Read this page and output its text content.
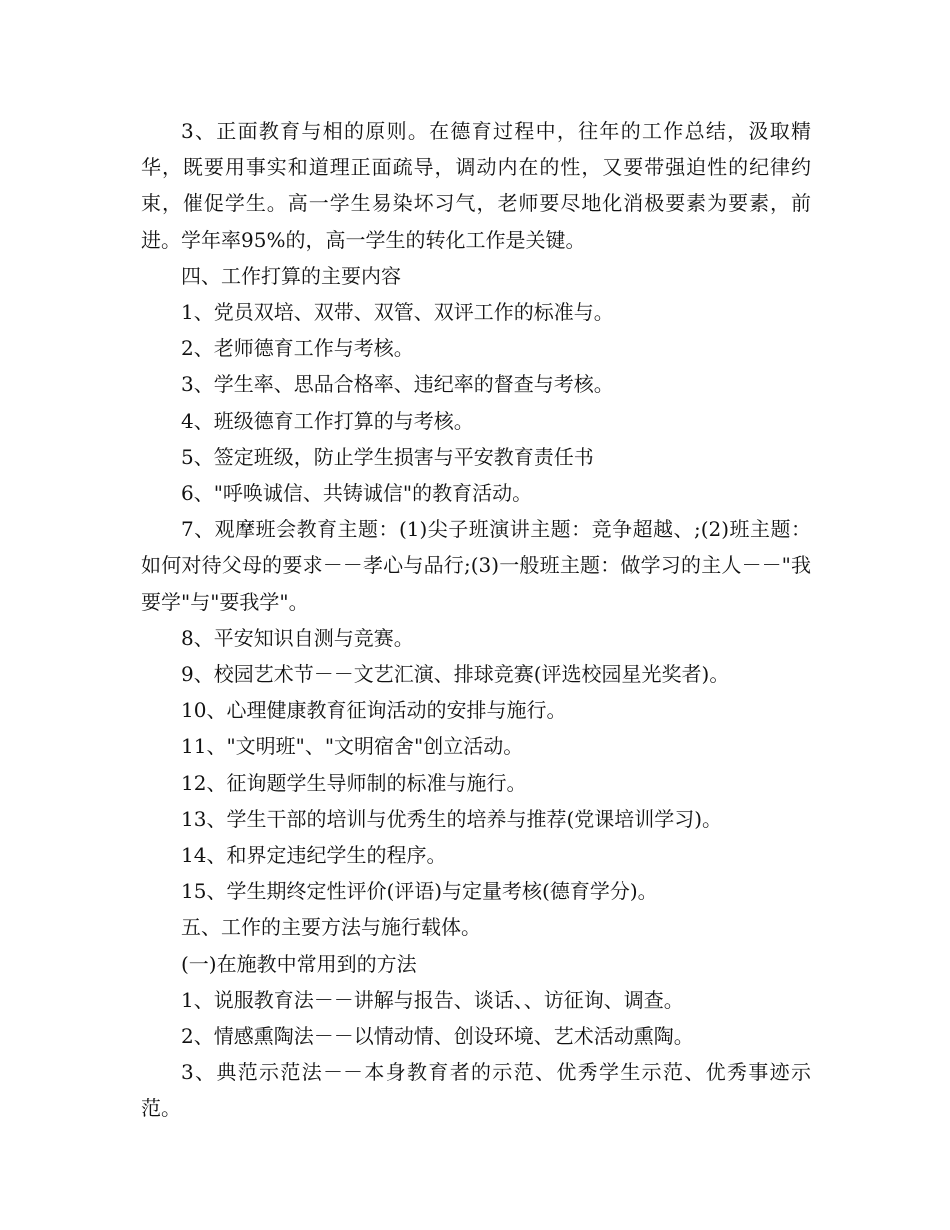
3、正面教育与相的原则。在德育过程中，往年的工作总结，汲取精华，既要用事实和道理正面疏导，调动内在的性，又要带强迫性的纪律约束，催促学生。高一学生易染坏习气，老师要尽地化消极要素为要素，前进。学年率95%的，高一学生的转化工作是关键。

四、工作打算的主要内容

1、党员双培、双带、双管、双评工作的标准与。

2、老师德育工作与考核。

3、学生率、思品合格率、违纪率的督查与考核。

4、班级德育工作打算的与考核。

5、签定班级，防止学生损害与平安教育责任书

6、"呼唤诚信、共铸诚信"的教育活动。

7、观摩班会教育主题：(1)尖子班演讲主题：竞争超越、;(2)班主题：如何对待父母的要求－－孝心与品行;(3)一般班主题：做学习的主人－－"我要学"与"要我学"。

8、平安知识自测与竞赛。

9、校园艺术节－－文艺汇演、排球竞赛(评选校园星光奖者)。

10、心理健康教育征询活动的安排与施行。

11、"文明班"、"文明宿舍"创立活动。

12、征询题学生导师制的标准与施行。

13、学生干部的培训与优秀生的培养与推荐(党课培训学习)。

14、和界定违纪学生的程序。

15、学生期终定性评价(评语)与定量考核(德育学分)。

五、工作的主要方法与施行载体。

(一)在施教中常用到的方法

1、说服教育法－－讲解与报告、谈话、、访征询、调查。

2、情感熏陶法－－以情动情、创设环境、艺术活动熏陶。

3、典范示范法－－本身教育者的示范、优秀学生示范、优秀事迹示范。
